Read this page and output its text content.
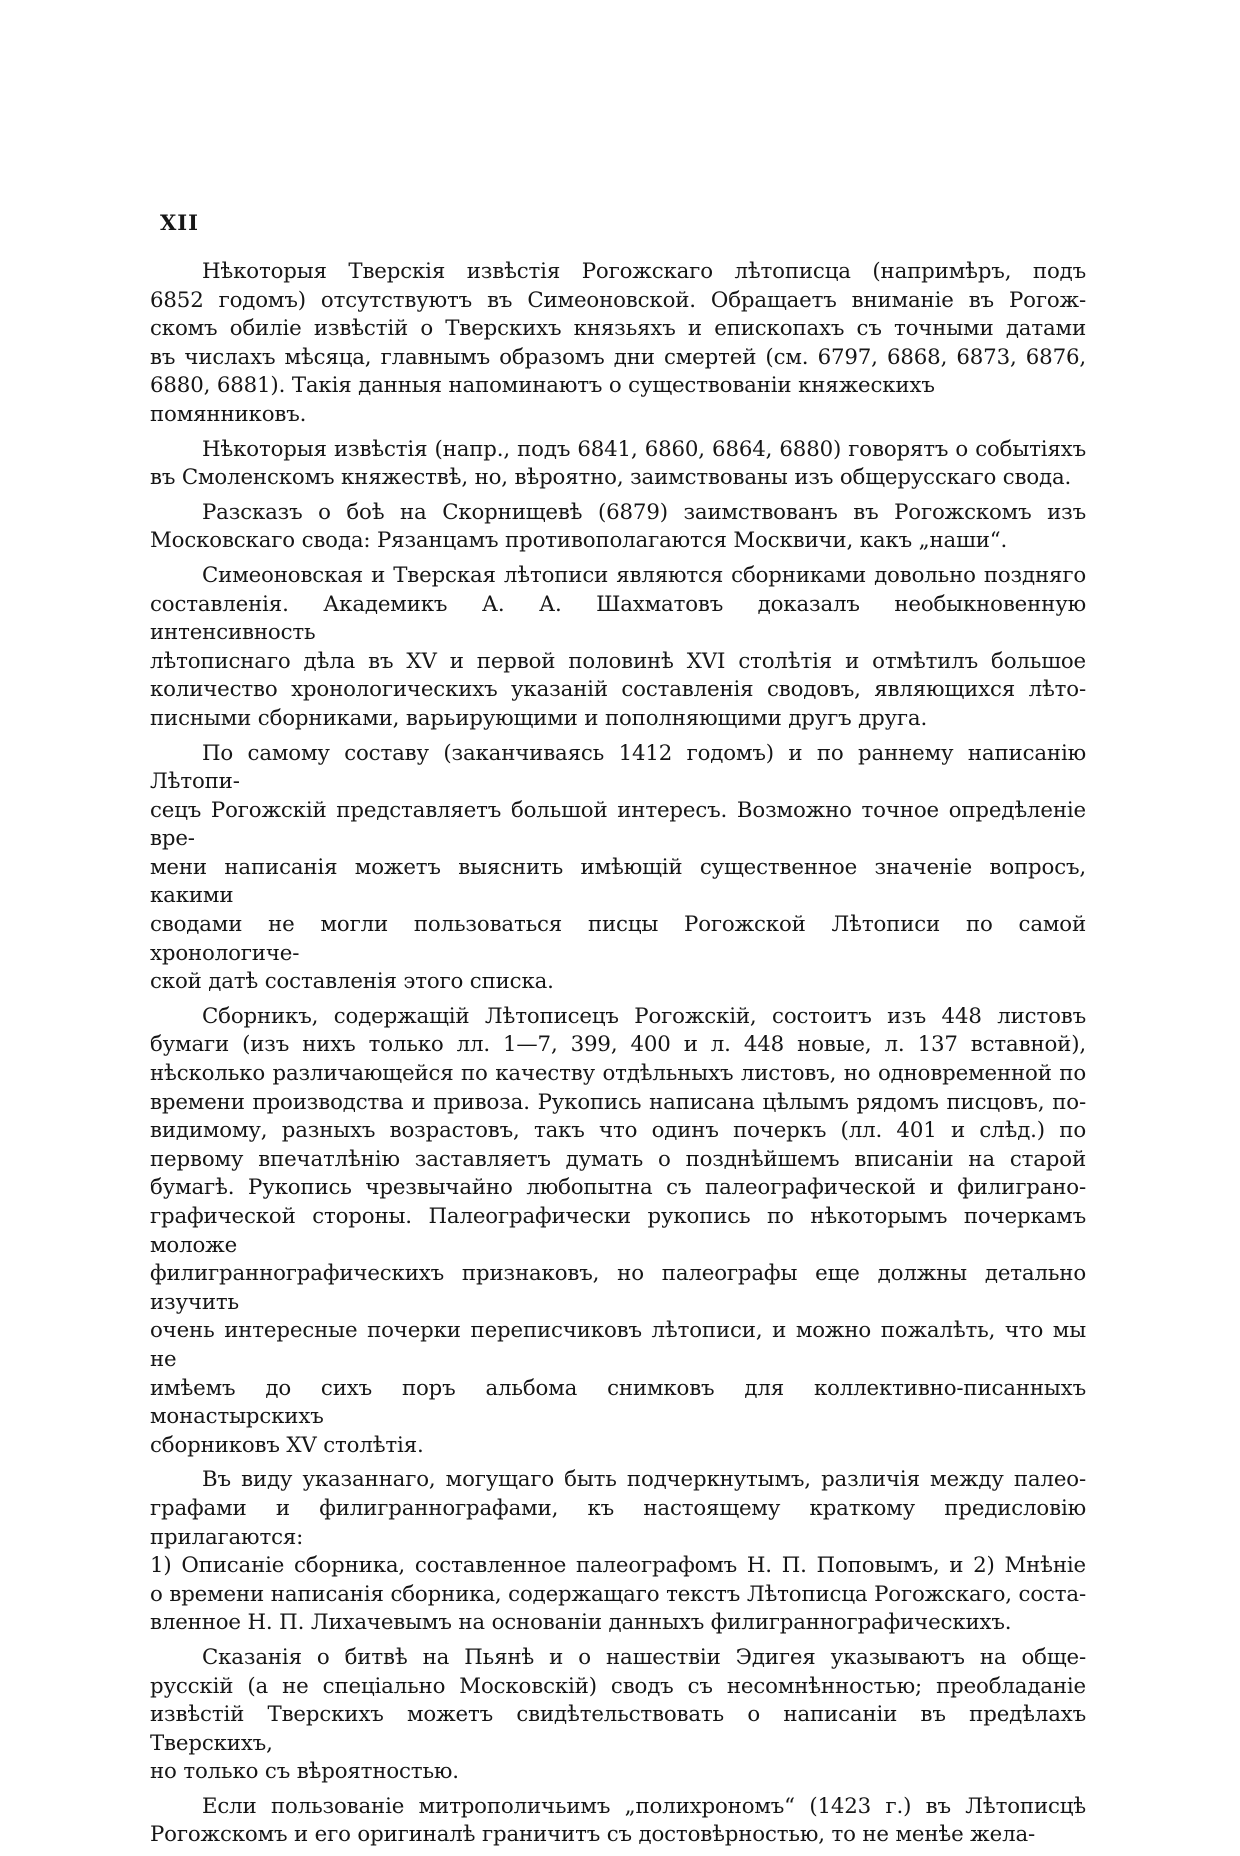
XII

Нѣкоторыя Тверскія извѣстія Рогожскаго лѣтописца (напримѣръ, подъ
6852 годомъ) отсутствуютъ въ Симеоновской. Обращаетъ вниманіе въ Рогож-
скомъ обиліе извѣстій о Тверскихъ князьяхъ и епископахъ съ точными датами
въ числахъ мѣсяца, главнымъ образомъ дни смертей (см. 6797, 6868, 6873, 6876,
6880, 6881). Такія данныя напоминаютъ о существованіи княжескихъ помянниковъ.

Нѣкоторыя извѣстія (напр., подъ 6841, 6860, 6864, 6880) говорятъ о событіяхъ
въ Смоленскомъ княжествѣ, но, вѣроятно, заимствованы изъ общерусскаго свода.

Разсказъ о боѣ на Скорнищевѣ (6879) заимствованъ въ Рогожскомъ изъ
Московскаго свода: Рязанцамъ противополагаются Москвичи, какъ „наши“.

Симеоновская и Тверская лѣтописи являются сборниками довольно поздняго
составленія. Академикъ А. А. Шахматовъ доказалъ необыкновенную интенсивность
лѣтописнаго дѣла въ XV и первой половинѣ XVI столѣтія и отмѣтилъ большое
количество хронологическихъ указаній составленія сводовъ, являющихся лѣто-
писными сборниками, варьирующими и пополняющими другъ друга.

По самому составу (заканчиваясь 1412 годомъ) и по раннему написанію Лѣтопи-
сецъ Рогожскій представляетъ большой интересъ. Возможно точное опредѣленіе вре-
мени написанія можетъ выяснить имѣющій существенное значеніе вопросъ, какими
сводами не могли пользоваться писцы Рогожской Лѣтописи по самой хронологиче-
ской датѣ составленія этого списка.

Сборникъ, содержащій Лѣтописецъ Рогожскій, состоитъ изъ 448 листовъ
бумаги (изъ нихъ только лл. 1—7, 399, 400 и л. 448 новые, л. 137 вставной),
нѣсколько различающейся по качеству отдѣльныхъ листовъ, но одновременной по
времени производства и привоза. Рукопись написана цѣлымъ рядомъ писцовъ, по-
видимому, разныхъ возрастовъ, такъ что одинъ почеркъ (лл. 401 и слѣд.) по
первому впечатлѣнію заставляетъ думать о позднѣйшемъ вписаніи на старой
бумагѣ. Рукопись чрезвычайно любопытна съ палеографической и филиграно-
графической стороны. Палеографически рукопись по нѣкоторымъ почеркамъ моложе
филиграннографическихъ признаковъ, но палеографы еще должны детально изучить
очень интересные почерки переписчиковъ лѣтописи, и можно пожалѣть, что мы не
имѣемъ до сихъ поръ альбома снимковъ для коллективно-писанныхъ монастырскихъ
сборниковъ XV столѣтія.

Въ виду указаннаго, могущаго быть подчеркнутымъ, различія между палео-
графами и филиграннографами, къ настоящему краткому предисловію прилагаются:
1) Описаніе сборника, составленное палеографомъ Н. П. Поповымъ, и 2) Мнѣніе
о времени написанія сборника, содержащаго текстъ Лѣтописца Рогожскаго, соста-
вленное Н. П. Лихачевымъ на основаніи данныхъ филиграннографическихъ.

Сказанія о битвѣ на Пьянѣ и о нашествіи Эдигея указываютъ на обще-
русскій (а не спеціально Московскій) сводъ съ несомнѣнностью; преобладаніе
извѣстій Тверскихъ можетъ свидѣтельствовать о написаніи въ предѣлахъ Тверскихъ,
но только съ вѣроятностью.

Если пользованіе митрополичьимъ „полихрономъ“ (1423 г.) въ Лѣтописцѣ
Рогожскомъ и его оригиналѣ граничитъ съ достовѣрностью, то не менѣе жела-
